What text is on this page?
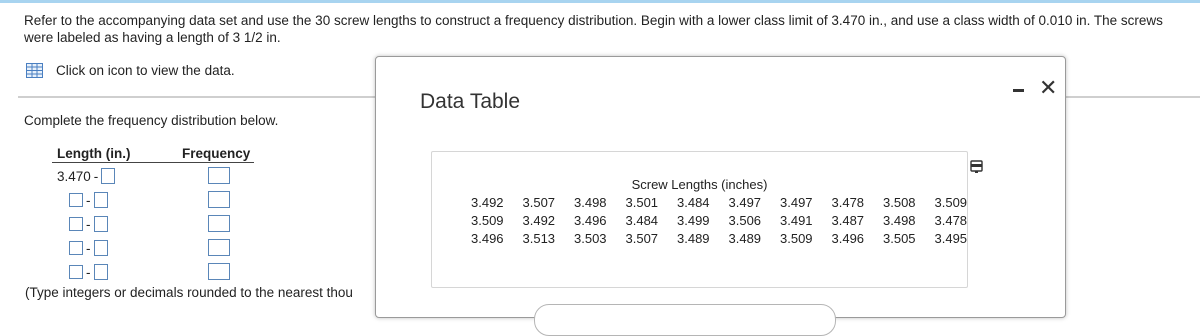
Refer to the accompanying data set and use the 30 screw lengths to construct a frequency distribution. Begin with a lower class limit of 3.470 in., and use a class width of 0.010 in. The screws were labeled as having a length of 3 1/2 in.
Click on icon to view the data.
Complete the frequency distribution below.
Length (in.)	Frequency
3.470 -
-
-
-
-
(Type integers or decimals rounded to the nearest thou
Data Table
✕
Screw Lengths (inches)
3.492 3.507 3.498 3.501 3.484 3.497 3.497 3.478 3.508 3.509
3.509 3.492 3.496 3.484 3.499 3.506 3.491 3.487 3.498 3.478
3.496 3.513 3.503 3.507 3.489 3.489 3.509 3.496 3.505 3.495
